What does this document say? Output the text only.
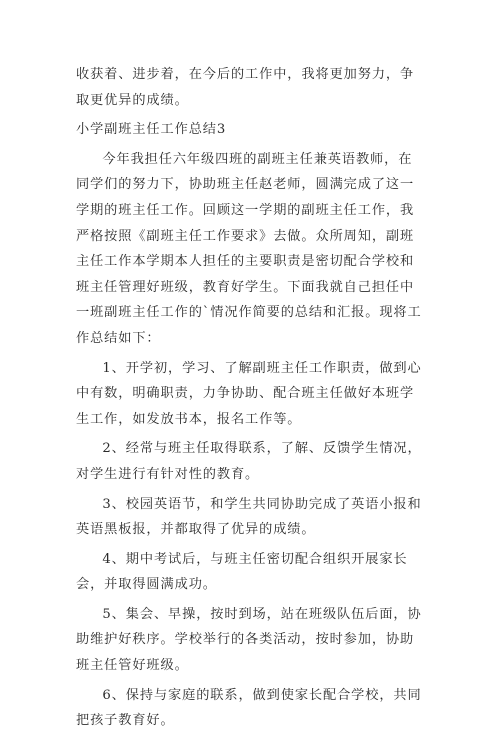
收获着、进步着，在今后的工作中，我将更加努力，争取更优异的成绩。

小学副班主任工作总结3

今年我担任六年级四班的副班主任兼英语教师，在同学们的努力下，协助班主任赵老师，圆满完成了这一学期的班主任工作。回顾这一学期的副班主任工作，我严格按照《副班主任工作要求》去做。众所周知，副班主任工作本学期本人担任的主要职责是密切配合学校和班主任管理好班级，教育好学生。下面我就自己担任中一班副班主任工作的`情况作简要的总结和汇报。现将工作总结如下：

1、开学初，学习、了解副班主任工作职责，做到心中有数，明确职责，力争协助、配合班主任做好本班学生工作，如发放书本，报名工作等。

2、经常与班主任取得联系，了解、反馈学生情况，对学生进行有针对性的教育。

3、校园英语节，和学生共同协助完成了英语小报和英语黑板报，并都取得了优异的成绩。

4、期中考试后，与班主任密切配合组织开展家长会，并取得圆满成功。

5、集会、早操，按时到场，站在班级队伍后面，协助维护好秩序。学校举行的各类活动，按时参加，协助班主任管好班级。

6、保持与家庭的联系，做到使家长配合学校，共同把孩子教育好。
